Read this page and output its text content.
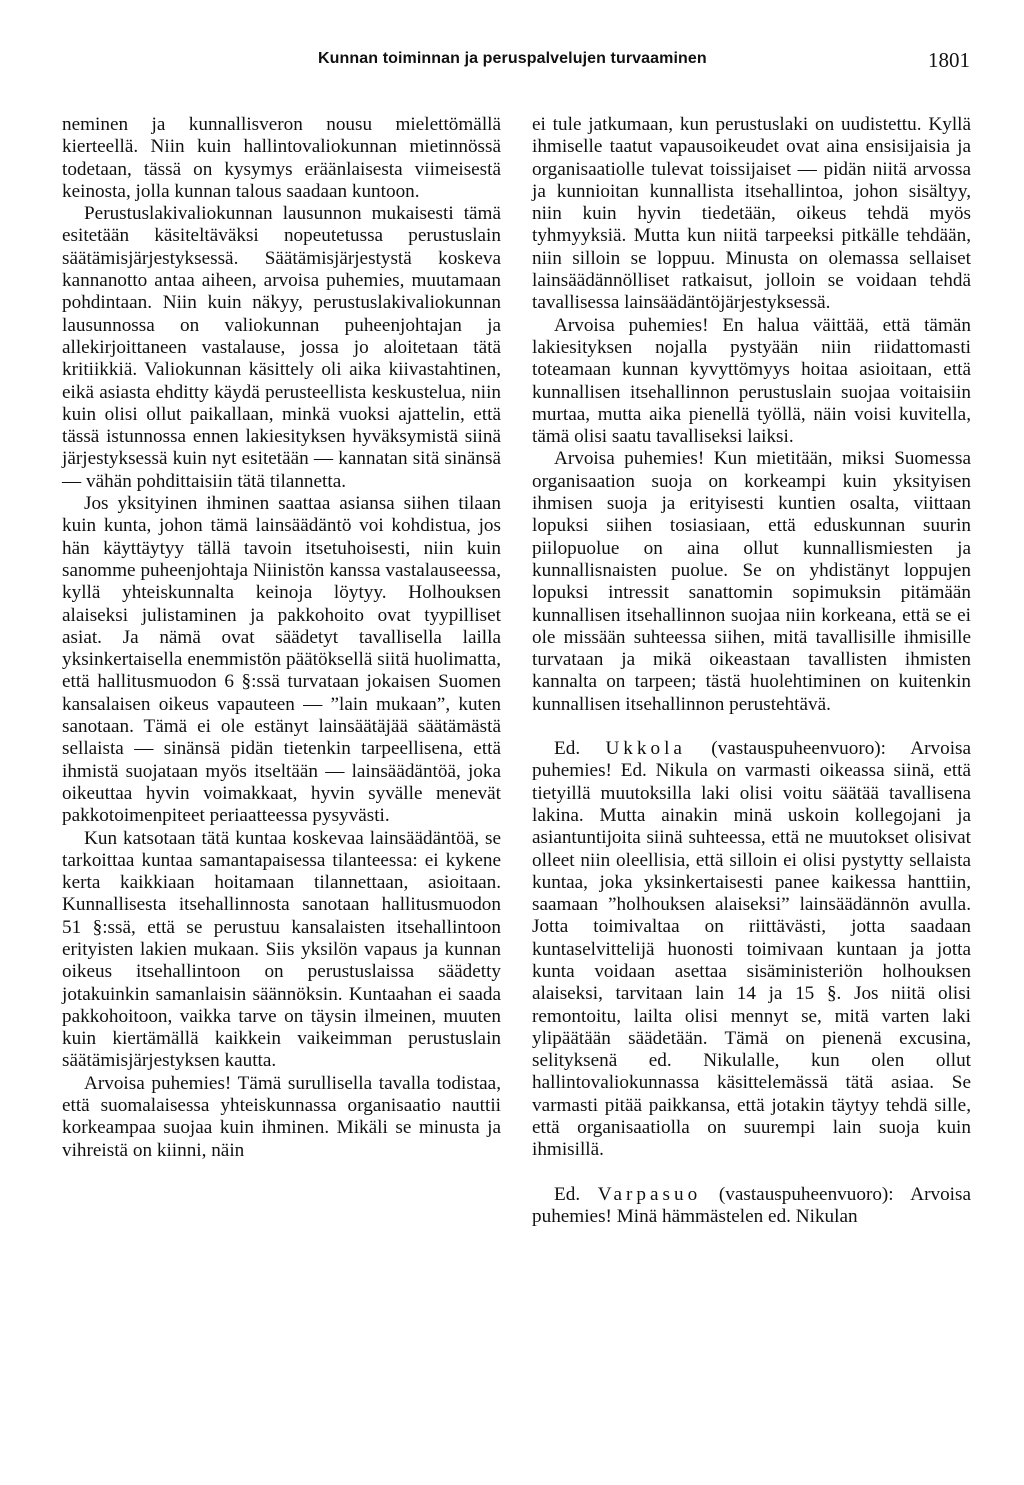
Kunnan toiminnan ja peruspalvelujen turvaaminen	1801

neminen ja kunnallisveron nousu mielettömällä kierteellä. Niin kuin hallintovaliokunnan mietinnössä todetaan, tässä on kysymys eräänlaisesta viimeisestä keinosta, jolla kunnan talous saadaan kuntoon.

Perustuslakivaliokunnan lausunnon mukaisesti tämä esitetään käsiteltäväksi nopeutetussa perustuslain säätämisjärjestyksessä. Säätämisjärjestystä koskeva kannanotto antaa aiheen, arvoisa puhemies, muutamaan pohdintaan. Niin kuin näkyy, perustuslakivaliokunnan lausunnossa on valiokunnan puheenjohtajan ja allekirjoittaneen vastalause, jossa jo aloitetaan tätä kritiikkiä. Valiokunnan käsittely oli aika kiivastahtinen, eikä asiasta ehditty käydä perusteellista keskustelua, niin kuin olisi ollut paikallaan, minkä vuoksi ajattelin, että tässä istunnossa ennen lakiesityksen hyväksymistä siinä järjestyksessä kuin nyt esitetään — kannatan sitä sinänsä — vähän pohdittaisiin tätä tilannetta.

Jos yksityinen ihminen saattaa asiansa siihen tilaan kuin kunta, johon tämä lainsäädäntö voi kohdistua, jos hän käyttäytyy tällä tavoin itsetuhoisesti, niin kuin sanomme puheenjohtaja Niinistön kanssa vastalauseessa, kyllä yhteiskunnalta keinoja löytyy. Holhouksen alaiseksi julistaminen ja pakkohoito ovat tyypilliset asiat. Ja nämä ovat säädetyt tavallisella lailla yksinkertaisella enemmistön päätöksellä siitä huolimatta, että hallitusmuodon 6 §:ssä turvataan jokaisen Suomen kansalaisen oikeus vapauteen — ”lain mukaan”, kuten sanotaan. Tämä ei ole estänyt lainsäätäjää säätämästä sellaista — sinänsä pidän tietenkin tarpeellisena, että ihmistä suojataan myös itseltään — lainsäädäntöä, joka oikeuttaa hyvin voimakkaat, hyvin syvälle menevät pakkotoimenpiteet periaatteessa pysyvästi.

Kun katsotaan tätä kuntaa koskevaa lainsäädäntöä, se tarkoittaa kuntaa samantapaisessa tilanteessa: ei kykene kerta kaikkiaan hoitamaan tilannettaan, asioitaan. Kunnallisesta itsehallinnosta sanotaan hallitusmuodon 51 §:ssä, että se perustuu kansalaisten itsehallintoon erityisten lakien mukaan. Siis yksilön vapaus ja kunnan oikeus itsehallintoon on perustuslaissa säädetty jotakuinkin samanlaisin säännöksin. Kuntaahan ei saada pakkohoitoon, vaikka tarve on täysin ilmeinen, muuten kuin kiertämällä kaikkein vaikeimman perustuslain säätämisjärjestyksen kautta.

Arvoisa puhemies! Tämä surullisella tavalla todistaa, että suomalaisessa yhteiskunnassa organisaatio nauttii korkeampaa suojaa kuin ihminen. Mikäli se minusta ja vihreistä on kiinni, näin

ei tule jatkumaan, kun perustuslaki on uudistettu. Kyllä ihmiselle taatut vapausoikeudet ovat aina ensisijaisia ja organisaatiolle tulevat toissijaiset — pidän niitä arvossa ja kunnioitan kunnallista itsehallintoa, johon sisältyy, niin kuin hyvin tiedetään, oikeus tehdä myös tyhmyyksiä. Mutta kun niitä tarpeeksi pitkälle tehdään, niin silloin se loppuu. Minusta on olemassa sellaiset lainsäädännölliset ratkaisut, jolloin se voidaan tehdä tavallisessa lainsäädäntöjärjestyksessä.

Arvoisa puhemies! En halua väittää, että tämän lakiesityksen nojalla pystyään niin riidattomasti toteamaan kunnan kyvyttömyys hoitaa asioitaan, että kunnallisen itsehallinnon perustuslain suojaa voitaisiin murtaa, mutta aika pienellä työllä, näin voisi kuvitella, tämä olisi saatu tavalliseksi laiksi.

Arvoisa puhemies! Kun mietitään, miksi Suomessa organisaation suoja on korkeampi kuin yksityisen ihmisen suoja ja erityisesti kuntien osalta, viittaan lopuksi siihen tosiasiaan, että eduskunnan suurin piilopuolue on aina ollut kunnallismiesten ja kunnallisnaisten puolue. Se on yhdistänyt loppujen lopuksi intressit sanattomin sopimuksin pitämään kunnallisen itsehallinnon suojaa niin korkeana, että se ei ole missään suhteessa siihen, mitä tavallisille ihmisille turvataan ja mikä oikeastaan tavallisten ihmisten kannalta on tarpeen; tästä huolehtiminen on kuitenkin kunnallisen itsehallinnon perustehtävä.

Ed. Ukkola (vastauspuheenvuoro): Arvoisa puhemies! Ed. Nikula on varmasti oikeassa siinä, että tietyillä muutoksilla laki olisi voitu säätää tavallisena lakina. Mutta ainakin minä uskoin kollegojani ja asiantuntijoita siinä suhteessa, että ne muutokset olisivat olleet niin oleellisia, että silloin ei olisi pystytty sellaista kuntaa, joka yksinkertaisesti panee kaikessa hanttiin, saamaan ”holhouksen alaiseksi” lainsäädännön avulla. Jotta toimivaltaa on riittävästi, jotta saadaan kuntaselvittelijä huonosti toimivaan kuntaan ja jotta kunta voidaan asettaa sisäministeriön holhouksen alaiseksi, tarvitaan lain 14 ja 15 §. Jos niitä olisi remontoitu, lailta olisi mennyt se, mitä varten laki ylipäätään säädetään. Tämä on pienenä excusina, selityksenä ed. Nikulalle, kun olen ollut hallintovaliokunnassa käsittelemässä tätä asiaa. Se varmasti pitää paikkansa, että jotakin täytyy tehdä sille, että organisaatiolla on suurempi lain suoja kuin ihmisillä.

Ed. Varpasuo (vastauspuheenvuoro): Arvoisa puhemies! Minä hämmästelen ed. Nikulan
